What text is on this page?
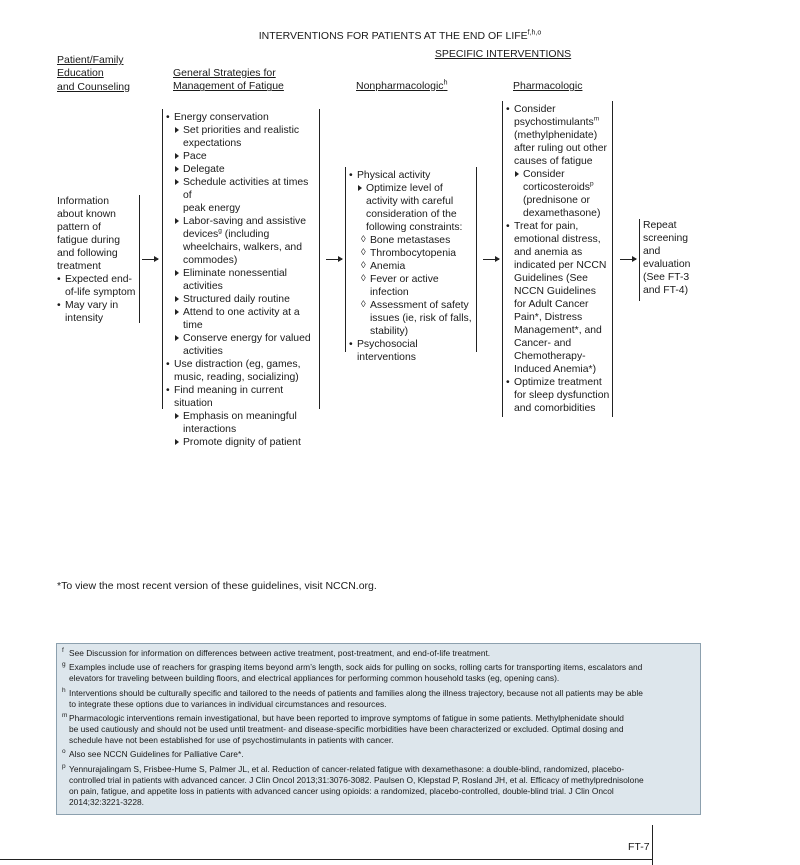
INTERVENTIONS FOR PATIENTS AT THE END OF LIFE$^{f,h,o}$
SPECIFIC INTERVENTIONS
Patient/Family
Education
and Counseling
General Strategies for
Management of Fatigue	Nonpharmacologic$^h$	Pharmacologic
Information
about known
pattern of
fatigue during
and following
treatment
• Expected end-
of-life symptom
• May vary in
intensity
• Energy conservation
Set priorities and realistic
expectations
Pace
Delegate
Schedule activities at times of
peak energy
Labor-saving and assistive
devices$^g$ (including
wheelchairs, walkers, and
commodes)
Eliminate nonessential
activities
Structured daily routine
Attend to one activity at a time
Conserve energy for valued
activities
• Use distraction (eg, games,
music, reading, socializing)
• Find meaning in current situation
Emphasis on meaningful
interactions
Promote dignity of patient
• Physical activity
Optimize level of
activity with careful
consideration of the
following constraints:
◊ Bone metastases
◊ Thrombocytopenia
◊ Anemia
◊ Fever or active
infection
◊ Assessment of safety
issues (ie, risk of falls,
stability)
• Psychosocial interventions
• Consider
psychostimulants$^m$
(methylphenidate)
after ruling out other
causes of fatigue
Consider
corticosteroids$^p$
(prednisone or
dexamethasone)
• Treat for pain,
emotional distress,
and anemia as
indicated per NCCN
Guidelines (See
NCCN Guidelines
for Adult Cancer
Pain*, Distress
Management*, and
Cancer- and
Chemotherapy-
Induced Anemia*)
• Optimize treatment
for sleep dysfunction
and comorbidities
Repeat
screening
and
evaluation
(See FT-3
and FT-4)
*To view the most recent version of these guidelines, visit NCCN.org.

f See Discussion for information on differences between active treatment, post-treatment, and end-of-life treatment.

g Examples include use of reachers for grasping items beyond arm’s length, sock aids for pulling on socks, rolling carts for transporting items, escalators and
elevators for traveling between building floors, and electrical appliances for performing common household tasks (eg, opening cans).

h Interventions should be culturally specific and tailored to the needs of patients and families along the illness trajectory, because not all patients may be able
to integrate these options due to variances in individual circumstances and resources.

m Pharmacologic interventions remain investigational, but have been reported to improve symptoms of fatigue in some patients. Methylphenidate should
be used cautiously and should not be used until treatment- and disease-specific morbidities have been characterized or excluded. Optimal dosing and
schedule have not been established for use of psychostimulants in patients with cancer.

o Also see NCCN Guidelines for Palliative Care*.

p Yennurajalingam S, Frisbee-Hume S, Palmer JL, et al. Reduction of cancer-related fatigue with dexamethasone: a double-blind, randomized, placebo-
controlled trial in patients with advanced cancer. J Clin Oncol 2013;31:3076-3082. Paulsen O, Klepstad P, Rosland JH, et al. Efficacy of methylprednisolone
on pain, fatigue, and appetite loss in patients with advanced cancer using opioids: a randomized, placebo-controlled, double-blind trial. J Clin Oncol
2014;32:3221-3228.

FT-7
